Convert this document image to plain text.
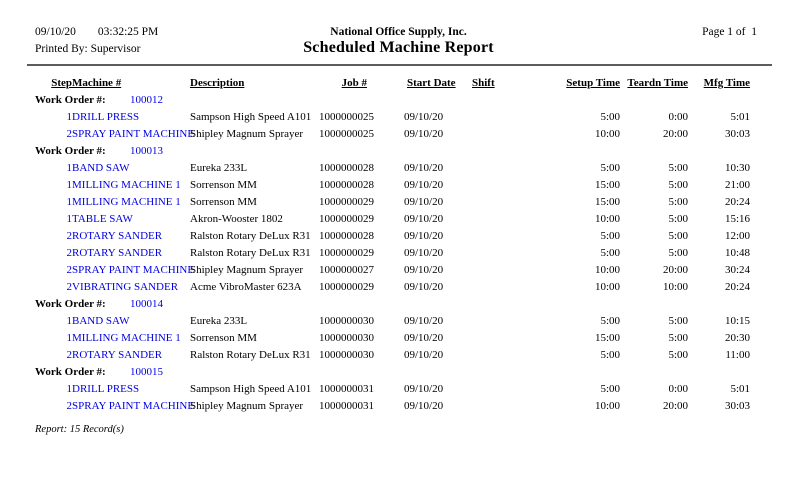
09/10/20 03:32:25 PM	National Office Supply, Inc.	Page 1 of  1
Printed By: Supervisor	Scheduled Machine Report
Step	Machine #	Description	Job #	Start Date	Shift	Setup Time	Teardn Time	Mfg Time
Work Order #: 100012								

1	DRILL PRESS	Sampson High Speed A101	1000000025	09/10/20		5:00	0:00	5:01
2	SPRAY PAINT MACHINE	Shipley Magnum Sprayer	1000000025	09/10/20		10:00	20:00	30:03
Work Order #: 100013								

1	BAND SAW	Eureka 233L	1000000028	09/10/20		5:00	5:00	10:30
1	MILLING MACHINE 1	Sorrenson MM	1000000028	09/10/20		15:00	5:00	21:00
1	MILLING MACHINE 1	Sorrenson MM	1000000029	09/10/20		15:00	5:00	20:24
1	TABLE SAW	Akron-Wooster 1802	1000000029	09/10/20		10:00	5:00	15:16
2	ROTARY SANDER	Ralston Rotary DeLux R31	1000000028	09/10/20		5:00	5:00	12:00
2	ROTARY SANDER	Ralston Rotary DeLux R31	1000000029	09/10/20		5:00	5:00	10:48
2	SPRAY PAINT MACHINE	Shipley Magnum Sprayer	1000000027	09/10/20		10:00	20:00	30:24
2	VIBRATING SANDER	Acme VibroMaster 623A	1000000029	09/10/20		10:00	10:00	20:24
Work Order #: 100014								

1	BAND SAW	Eureka 233L	1000000030	09/10/20		5:00	5:00	10:15
1	MILLING MACHINE 1	Sorrenson MM	1000000030	09/10/20		15:00	5:00	20:30
2	ROTARY SANDER	Ralston Rotary DeLux R31	1000000030	09/10/20		5:00	5:00	11:00
Work Order #: 100015								

1	DRILL PRESS	Sampson High Speed A101	1000000031	09/10/20		5:00	0:00	5:01
2	SPRAY PAINT MACHINE	Shipley Magnum Sprayer	1000000031	09/10/20		10:00	20:00	30:03
Report: 15 Record(s)
